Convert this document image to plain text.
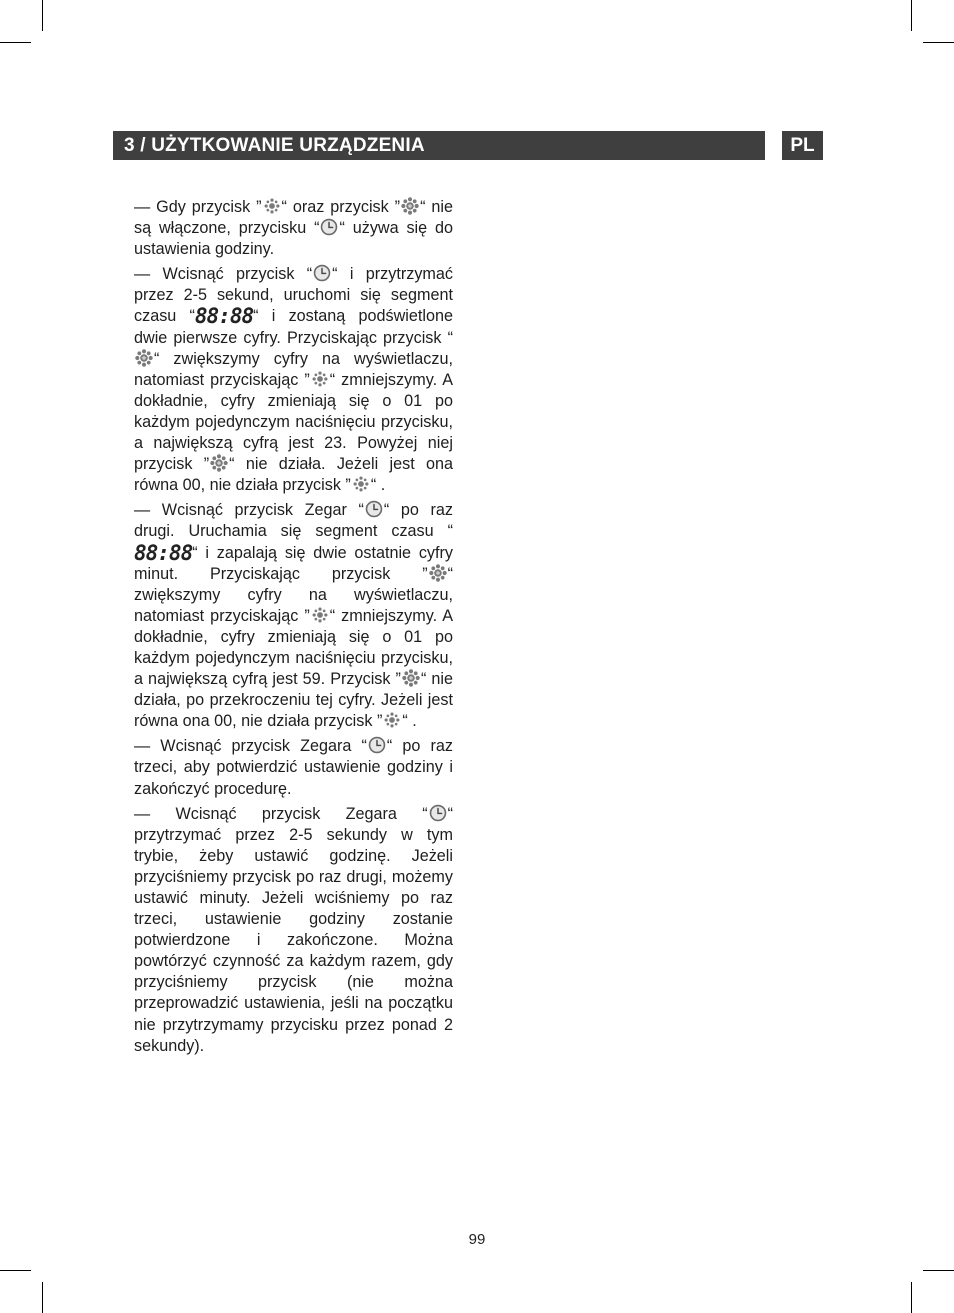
3 / UŻYTKOWANIE URZĄDZENIA	PL

— Gdy przycisk ” “ oraz przycisk ” “ nie są włączone, przycisku “ “ używa się do ustawienia godziny.

— Wcisnąć przycisk “ “ i przytrzymać przez 2-5 sekund, uruchomi się segment czasu “88:88“ i zostaną podświetlone dwie pierwsze cyfry. Przyciskając przycisk ““ zwiększymy cyfry na wyświetlaczu, natomiast przyciskając ” “ zmniejszymy. A dokładnie, cyfry zmieniają się o 01 po każdym pojedynczym naciśnięciu przycisku, a największą cyfrą jest 23. Powyżej niej przycisk ” “ nie działa. Jeżeli jest ona równa 00, nie działa przycisk ” “ .

— Wcisnąć przycisk Zegar “ “ po raz drugi. Uruchamia się segment czasu “88:88“ i zapalają się dwie ostatnie cyfry minut. Przyciskając przycisk ” “ zwiększymy cyfry na wyświetlaczu, natomiast przyciskając ” “ zmniejszymy. A dokładnie, cyfry zmieniają się o 01 po każdym pojedynczym naciśnięciu przycisku, a największą cyfrą jest 59. Przycisk ” “ nie działa, po przekroczeniu tej cyfry. Jeżeli jest równa ona 00, nie działa przycisk ” “ .

— Wcisnąć przycisk Zegara “ “ po raz trzeci, aby potwierdzić ustawienie godziny i zakończyć procedurę.

— Wcisnąć przycisk Zegara “ “ przytrzymać przez 2-5 sekundy w tym trybie, żeby ustawić godzinę. Jeżeli przyciśniemy przycisk po raz drugi, możemy ustawić minuty. Jeżeli wciśniemy po raz trzeci, ustawienie godziny zostanie potwierdzone i zakończone. Można powtórzyć czynność za każdym razem, gdy przyciśniemy przycisk (nie można przeprowadzić ustawienia, jeśli na początku nie przytrzymamy przycisku przez ponad 2 sekundy).

99
